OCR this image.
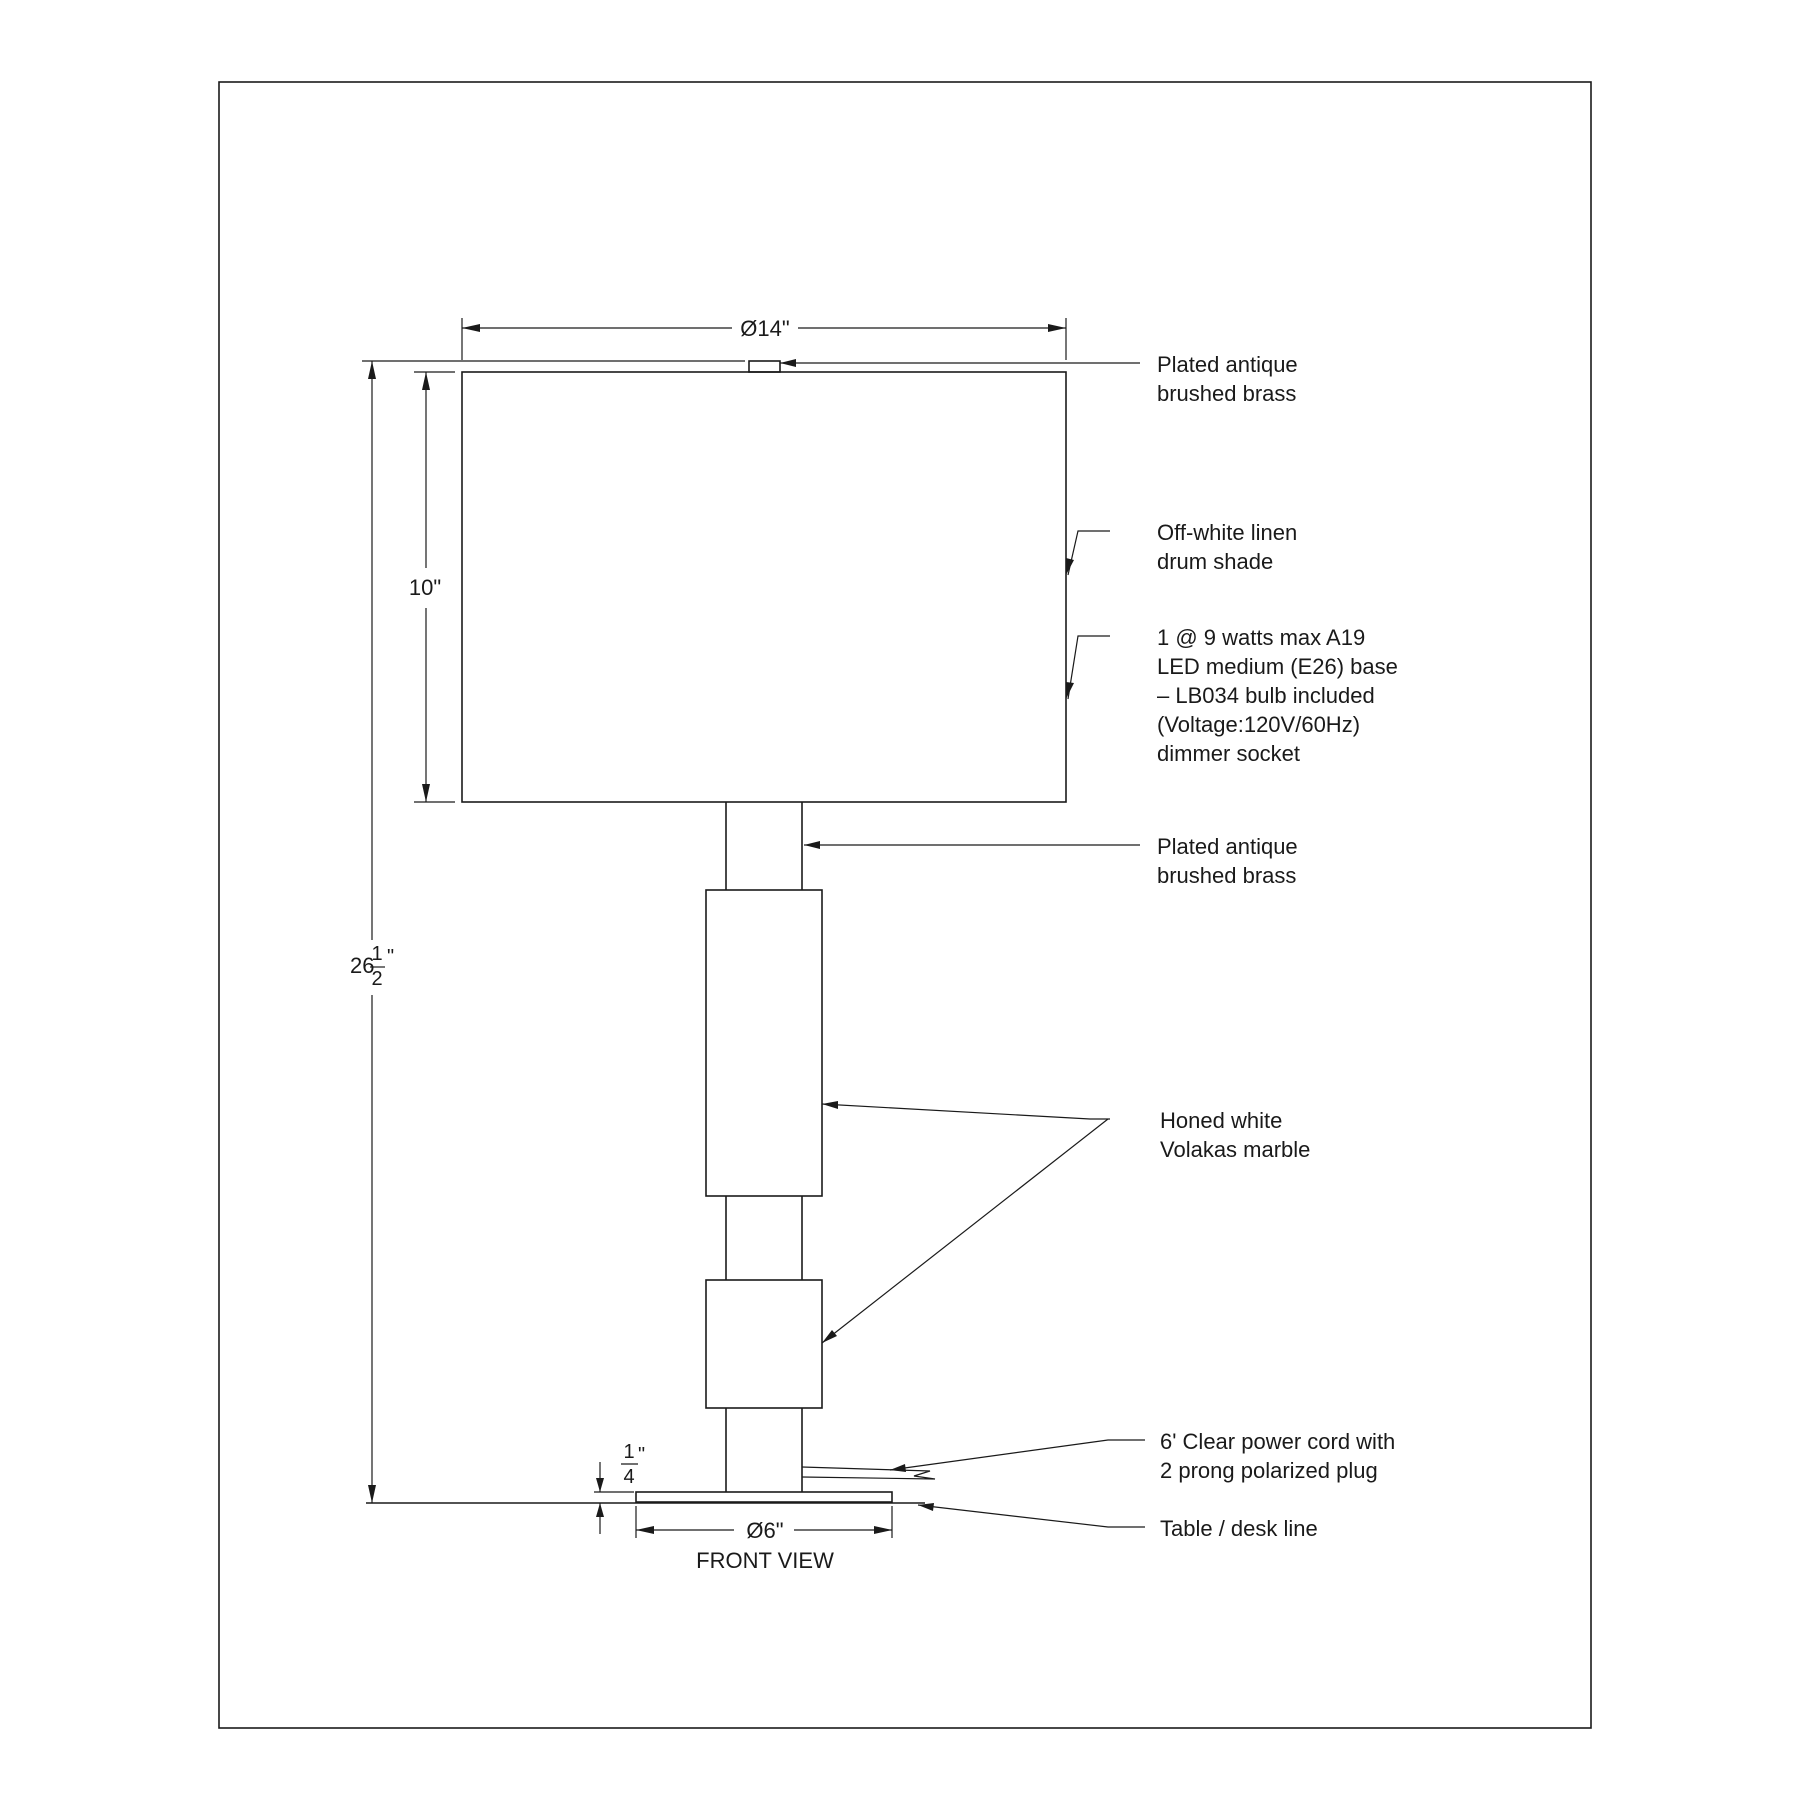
Ø14"
10"
26
1
2
"
1
4
"
Ø6"
FRONT VIEW
Plated antique brushed brass
Off-white linen drum shade
1 @ 9 watts max A19 LED medium (E26) base – LB034 bulb included (Voltage:120V/60Hz) dimmer socket
Plated antique brushed brass
Honed white Volakas marble
6' Clear power cord with 2 prong polarized plug
Table / desk line
